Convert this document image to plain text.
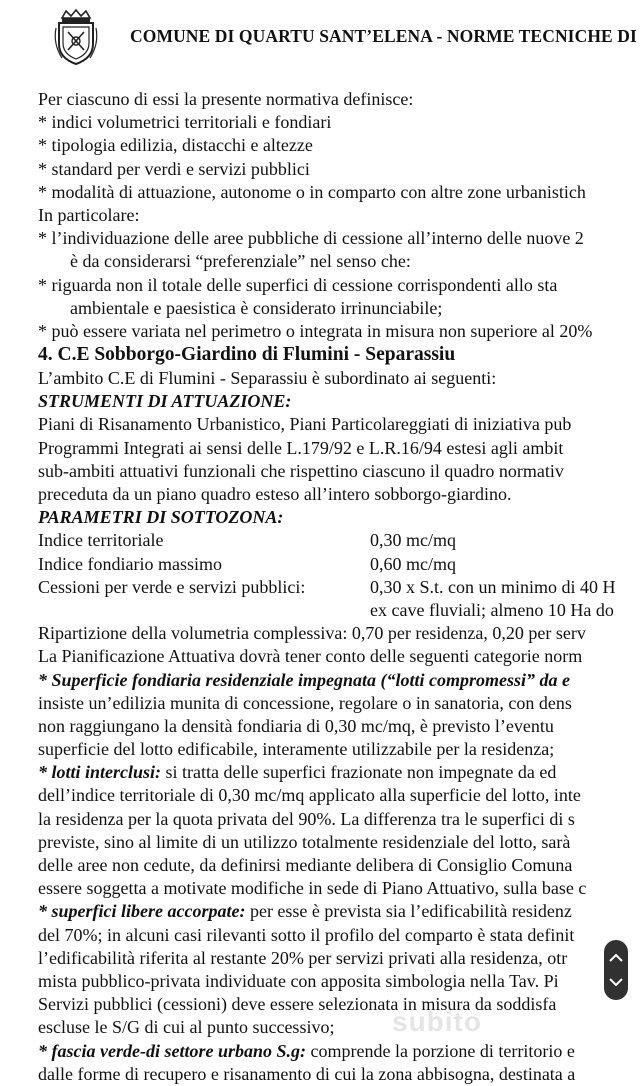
COMUNE DI QUARTU SANT’ELENA - NORME TECNICHE DI
Per ciascuno di essi la presente normativa definisce:
* indici volumetrici territoriali e fondiari
* tipologia edilizia, distacchi e altezze
* standard per verdi e servizi pubblici
* modalità di attuazione, autonome o in comparto con altre zone urbanistich
In particolare:
* l’individuazione delle aree pubbliche di cessione all’interno delle nuove 2
è da considerarsi “preferenziale” nel senso che:
* riguarda non il totale delle superfici di cessione corrispondenti allo sta
ambientale e paesistica è considerato irrinunciabile;
* può essere variata nel perimetro o integrata in misura non superiore al 20%
4. C.E Sobborgo-Giardino di Flumini - Separassiu
L’ambito C.E di Flumini - Separassiu è subordinato ai seguenti:
STRUMENTI DI ATTUAZIONE:
Piani di Risanamento Urbanistico, Piani Particolareggiati di iniziativa pub
Programmi Integrati ai sensi delle L.179/92 e L.R.16/94 estesi agli ambit
sub-ambiti attuativi funzionali che rispettino ciascuno il quadro normativ
preceduta da un piano quadro esteso all’intero sobborgo-giardino.
PARAMETRI DI SOTTOZONA:
Indice territoriale	0,30 mc/mq
Indice fondiario massimo	0,60 mc/mq
Cessioni per verde e servizi pubblici:	0,30 x S.t. con un minimo di 40 H
ex cave fluviali; almeno 10 Ha do
Ripartizione della volumetria complessiva: 0,70 per residenza, 0,20 per serv
La Pianificazione Attuativa dovrà tener conto delle seguenti categorie norm
* Superficie fondiaria residenziale impegnata (“lotti compromessi” da e
insiste un’edilizia munita di concessione, regolare o in sanatoria, con dens
non raggiungano la densità fondiaria di 0,30 mc/mq, è previsto l’eventu
superficie del lotto edificabile, interamente utilizzabile per la residenza;
* lotti interclusi: si tratta delle superfici frazionate non impegnate da ed
dell’indice territoriale di 0,30 mc/mq applicato alla superficie del lotto, inte
la residenza per la quota privata del 90%. La differenza tra le superfici di s
previste, sino al limite di un utilizzo totalmente residenziale del lotto, sarà
delle aree non cedute, da definirsi mediante delibera di Consiglio Comuna
essere soggetta a motivate modifiche in sede di Piano Attuativo, sulla base c
* superfici libere accorpate: per esse è prevista sia l’edificabilità residenz
del 70%; in alcuni casi rilevanti sotto il profilo del comparto è stata definit
l’edificabilità riferita al restante 20% per servizi privati alla residenza, otr
mista pubblico-privata individuate con apposita simbologia nella Tav. Pi
Servizi pubblici (cessioni) deve essere selezionata in misura da soddisfa
escluse le S/G di cui al punto successivo;
* fascia verde-di settore urbano S.g: comprende la porzione di territorio e
dalle forme di recupero e risanamento di cui la zona abbisogna, destinata a
subito
